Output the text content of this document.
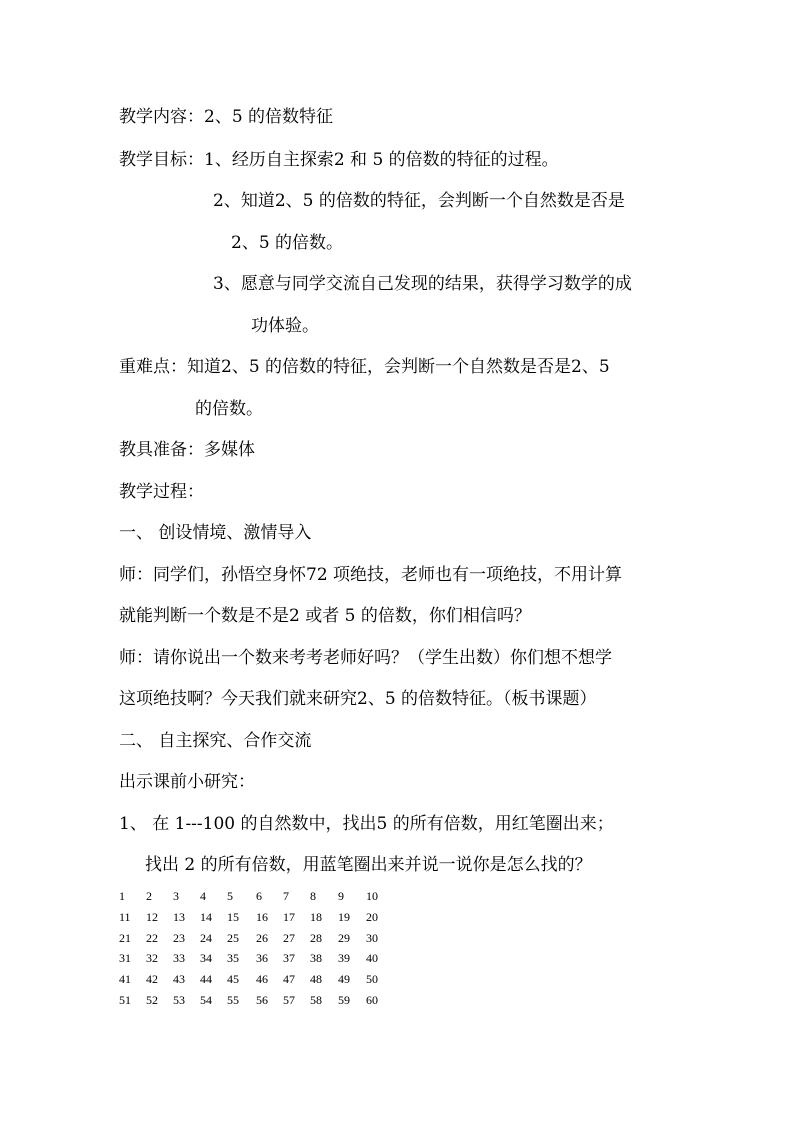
教学内容：2、5 的倍数特征
教学目标：1、经历自主探索2 和 5 的倍数的特征的过程。
2、知道2、5 的倍数的特征，会判断一个自然数是否是
2、5 的倍数。
3、愿意与同学交流自己发现的结果，获得学习数学的成
功体验。
重难点：知道2、5 的倍数的特征，会判断一个自然数是否是2、5
的倍数。
教具准备：多媒体
教学过程：
一、 创设情境、激情导入
师：同学们，孙悟空身怀72 项绝技，老师也有一项绝技，不用计算
就能判断一个数是不是2 或者 5 的倍数，你们相信吗？
师：请你说出一个数来考考老师好吗？（学生出数）你们想不想学
这项绝技啊？今天我们就来研究2、5 的倍数特征。（板书课题）
二、 自主探究、合作交流
出示课前小研究：
1、 在 1---100 的自然数中，找出5 的所有倍数，用红笔圈出来；
找出 2 的所有倍数，用蓝笔圈出来并说一说你是怎么找的？
1 2 3 4 5 6 7 8 9 10
11 12 13 14 15 16 17 18 19 20
21 22 23 24 25 26 27 28 29 30
31 32 33 34 35 36 37 38 39 40
41 42 43 44 45 46 47 48 49 50
51 52 53 54 55 56 57 58 59 60
